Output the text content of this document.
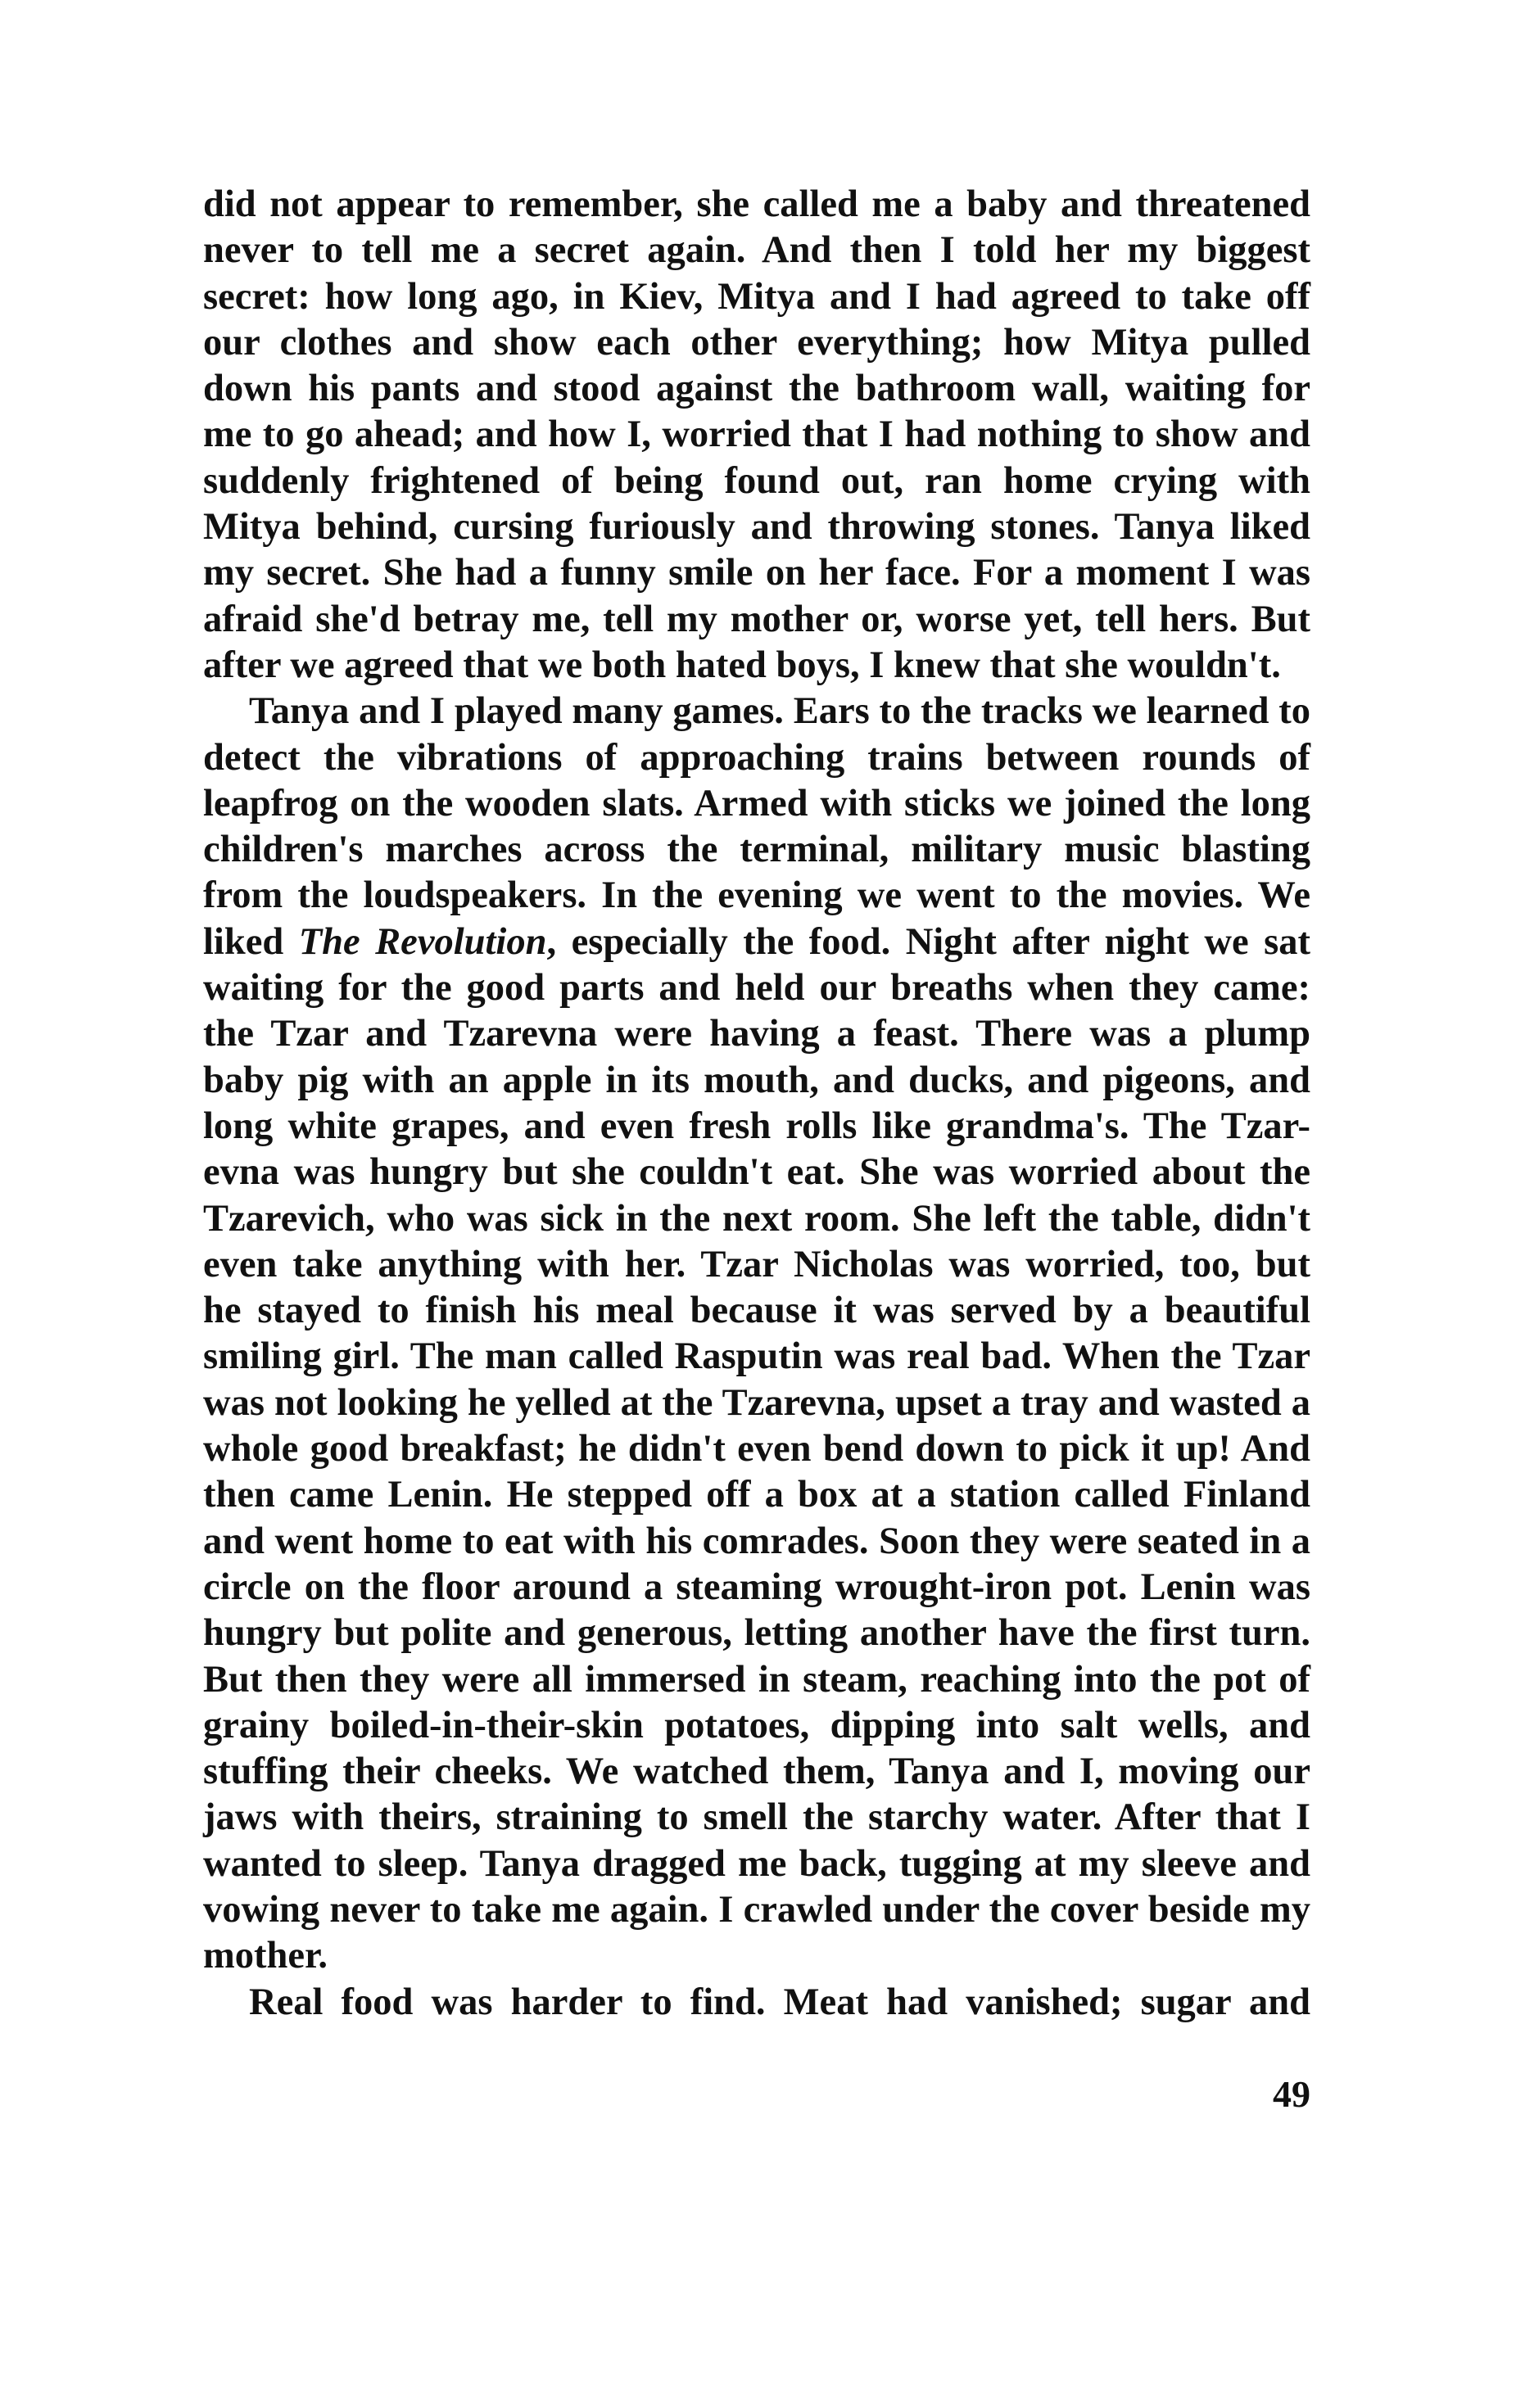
did not appear to remember, she called me a baby and threatened
never to tell me a secret again. And then I told her my biggest
secret: how long ago, in Kiev, Mitya and I had agreed to take off
our clothes and show each other everything; how Mitya pulled
down his pants and stood against the bathroom wall, waiting for
me to go ahead; and how I, worried that I had nothing to show and
suddenly frightened of being found out, ran home crying with
Mitya behind, cursing furiously and throwing stones. Tanya liked
my secret. She had a funny smile on her face. For a moment I was
afraid she'd betray me, tell my mother or, worse yet, tell hers. But
after we agreed that we both hated boys, I knew that she wouldn't.
Tanya and I played many games. Ears to the tracks we learned to
detect the vibrations of approaching trains between rounds of
leapfrog on the wooden slats. Armed with sticks we joined the long
children's marches across the terminal, military music blasting
from the loudspeakers. In the evening we went to the movies. We
liked The Revolution, especially the food. Night after night we sat
waiting for the good parts and held our breaths when they came:
the Tzar and Tzarevna were having a feast. There was a plump
baby pig with an apple in its mouth, and ducks, and pigeons, and
long white grapes, and even fresh rolls like grandma's. The Tzar-
evna was hungry but she couldn't eat. She was worried about the
Tzarevich, who was sick in the next room. She left the table, didn't
even take anything with her. Tzar Nicholas was worried, too, but
he stayed to finish his meal because it was served by a beautiful
smiling girl. The man called Rasputin was real bad. When the Tzar
was not looking he yelled at the Tzarevna, upset a tray and wasted a
whole good breakfast; he didn't even bend down to pick it up! And
then came Lenin. He stepped off a box at a station called Finland
and went home to eat with his comrades. Soon they were seated in a
circle on the floor around a steaming wrought-iron pot. Lenin was
hungry but polite and generous, letting another have the first turn.
But then they were all immersed in steam, reaching into the pot of
grainy boiled-in-their-skin potatoes, dipping into salt wells, and
stuffing their cheeks. We watched them, Tanya and I, moving our
jaws with theirs, straining to smell the starchy water. After that I
wanted to sleep. Tanya dragged me back, tugging at my sleeve and
vowing never to take me again. I crawled under the cover beside my
mother.
Real food was harder to find. Meat had vanished; sugar and
49
